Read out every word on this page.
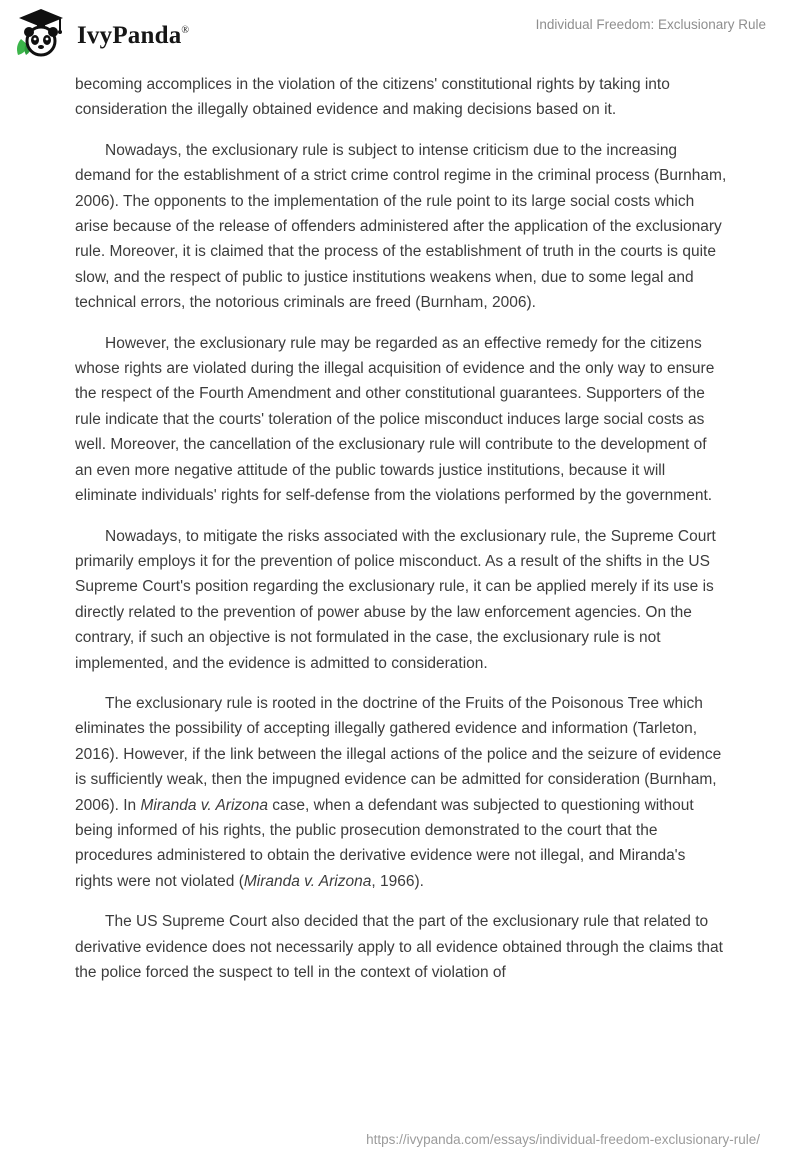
IvyPanda®	Individual Freedom: Exclusionary Rule

becoming accomplices in the violation of the citizens' constitutional rights by taking into consideration the illegally obtained evidence and making decisions based on it.

Nowadays, the exclusionary rule is subject to intense criticism due to the increasing demand for the establishment of a strict crime control regime in the criminal process (Burnham, 2006). The opponents to the implementation of the rule point to its large social costs which arise because of the release of offenders administered after the application of the exclusionary rule. Moreover, it is claimed that the process of the establishment of truth in the courts is quite slow, and the respect of public to justice institutions weakens when, due to some legal and technical errors, the notorious criminals are freed (Burnham, 2006).

However, the exclusionary rule may be regarded as an effective remedy for the citizens whose rights are violated during the illegal acquisition of evidence and the only way to ensure the respect of the Fourth Amendment and other constitutional guarantees. Supporters of the rule indicate that the courts' toleration of the police misconduct induces large social costs as well. Moreover, the cancellation of the exclusionary rule will contribute to the development of an even more negative attitude of the public towards justice institutions, because it will eliminate individuals' rights for self-defense from the violations performed by the government.

Nowadays, to mitigate the risks associated with the exclusionary rule, the Supreme Court primarily employs it for the prevention of police misconduct. As a result of the shifts in the US Supreme Court's position regarding the exclusionary rule, it can be applied merely if its use is directly related to the prevention of power abuse by the law enforcement agencies. On the contrary, if such an objective is not formulated in the case, the exclusionary rule is not implemented, and the evidence is admitted to consideration.

The exclusionary rule is rooted in the doctrine of the Fruits of the Poisonous Tree which eliminates the possibility of accepting illegally gathered evidence and information (Tarleton, 2016). However, if the link between the illegal actions of the police and the seizure of evidence is sufficiently weak, then the impugned evidence can be admitted for consideration (Burnham, 2006). In Miranda v. Arizona case, when a defendant was subjected to questioning without being informed of his rights, the public prosecution demonstrated to the court that the procedures administered to obtain the derivative evidence were not illegal, and Miranda's rights were not violated (Miranda v. Arizona, 1966).

The US Supreme Court also decided that the part of the exclusionary rule that related to derivative evidence does not necessarily apply to all evidence obtained through the claims that the police forced the suspect to tell in the context of violation of

https://ivypanda.com/essays/individual-freedom-exclusionary-rule/
